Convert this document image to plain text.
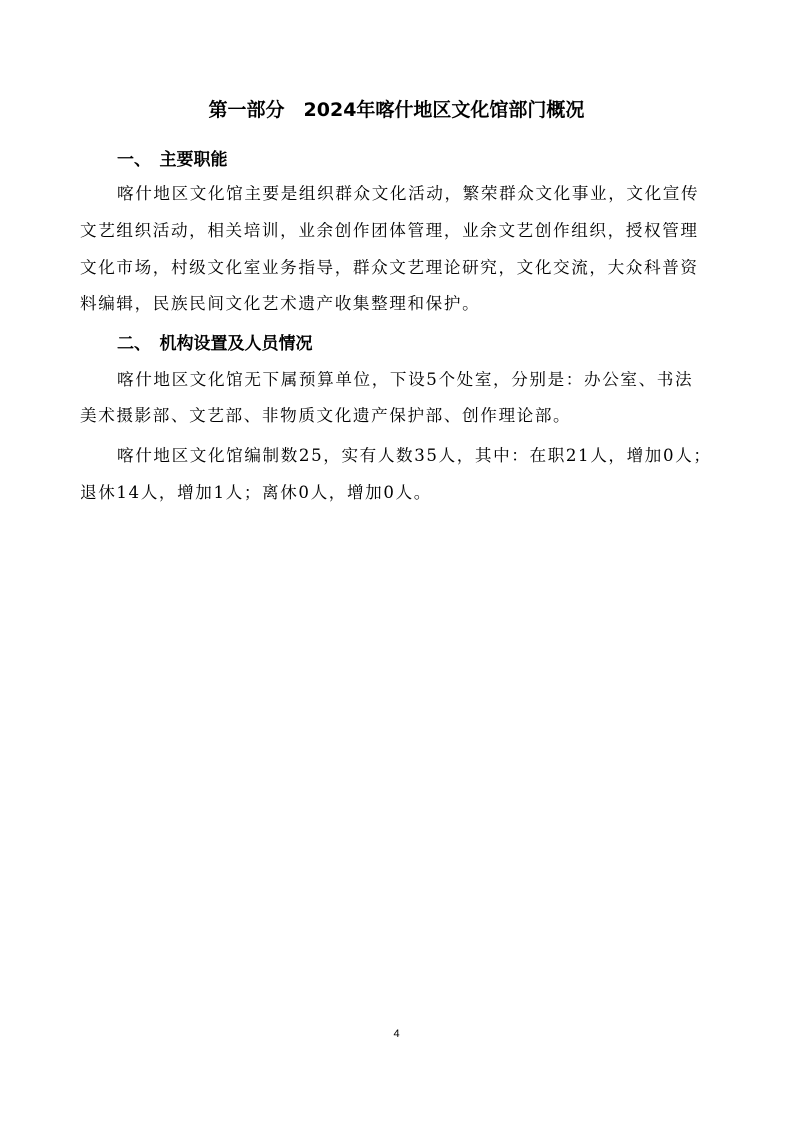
第一部分　2024年喀什地区文化馆部门概况
一、　主要职能
喀什地区文化馆主要是组织群众文化活动，繁荣群众文化事业，文化宣传
文艺组织活动，相关培训，业余创作团体管理，业余文艺创作组织，授权管理
文化市场，村级文化室业务指导，群众文艺理论研究，文化交流，大众科普资
料编辑，民族民间文化艺术遗产收集整理和保护。
二、　机构设置及人员情况
喀什地区文化馆无下属预算单位，下设5个处室，分别是：办公室、书法
美术摄影部、文艺部、非物质文化遗产保护部、创作理论部。
喀什地区文化馆编制数25，实有人数35人，其中：在职21人，增加0人；
退休14人，增加1人；离休0人，增加0人。
4
